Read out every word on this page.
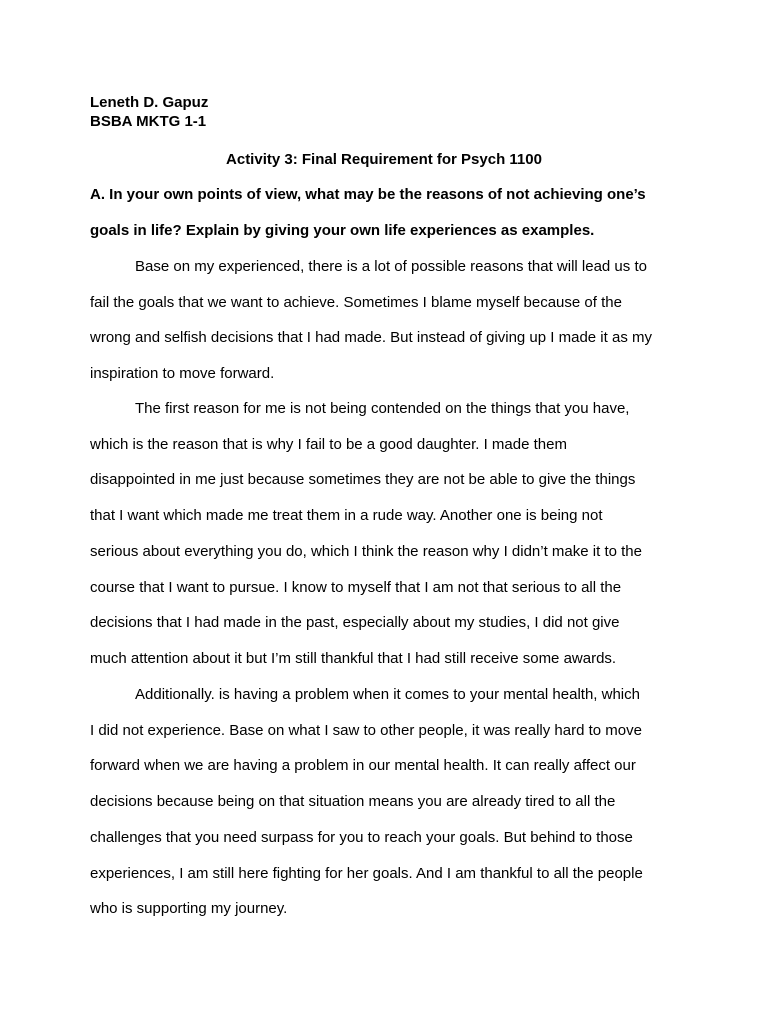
Leneth D. Gapuz
BSBA MKTG 1-1
Activity 3: Final Requirement for Psych 1100

A. In your own points of view, what may be the reasons of not achieving one’s
goals in life? Explain by giving your own life experiences as examples.

Base on my experienced, there is a lot of possible reasons that will lead us to
fail the goals that we want to achieve. Sometimes I blame myself because of the
wrong and selfish decisions that I had made. But instead of giving up I made it as my
inspiration to move forward.

The first reason for me is not being contended on the things that you have,
which is the reason that is why I fail to be a good daughter. I made them
disappointed in me just because sometimes they are not be able to give the things
that I want which made me treat them in a rude way. Another one is being not
serious about everything you do, which I think the reason why I didn’t make it to the
course that I want to pursue. I know to myself that I am not that serious to all the
decisions that I had made in the past, especially about my studies, I did not give
much attention about it but I’m still thankful that I had still receive some awards.

Additionally. is having a problem when it comes to your mental health, which
I did not experience. Base on what I saw to other people, it was really hard to move
forward when we are having a problem in our mental health. It can really affect our
decisions because being on that situation means you are already tired to all the
challenges that you need surpass for you to reach your goals. But behind to those
experiences, I am still here fighting for her goals. And I am thankful to all the people
who is supporting my journey.
